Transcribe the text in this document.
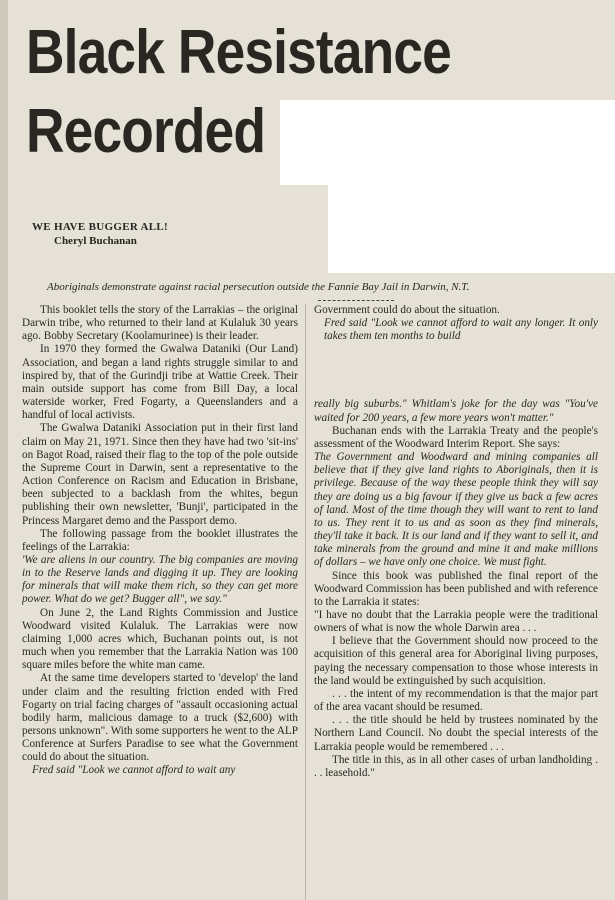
Black Resistance
Recorded
WE HAVE BUGGER ALL!
Cheryl Buchanan
Aboriginals demonstrate against racial persecution outside the Fannie Bay Jail in Darwin, N.T.

This booklet tells the story of the Larrakias – the original Darwin tribe, who returned to their land at Kulaluk 30 years ago. Bobby Secretary (Koolamurinee) is their leader.

In 1970 they formed the Gwalwa Dataniki (Our Land) Association, and began a land rights struggle similar to and inspired by, that of the Gurindji tribe at Wattie Creek. Their main outside support has come from Bill Day, a local waterside worker, Fred Fogarty, a Queenslanders and a handful of local activists.

The Gwalwa Dataniki Association put in their first land claim on May 21, 1971. Since then they have had two 'sit-ins' on Bagot Road, raised their flag to the top of the pole outside the Supreme Court in Darwin, sent a representative to the Action Conference on Racism and Education in Brisbane, been subjected to a backlash from the whites, begun publishing their own newsletter, 'Bunji', participated in the Princess Margaret demo and the Passport demo.

The following passage from the booklet illustrates the feelings of the Larrakia:

'We are aliens in our country. The big companies are moving in to the Reserve lands and digging it up. They are looking for minerals that will make them rich, so they can get more power. What do we get? Bugger all", we say."

On June 2, the Land Rights Commission and Justice Woodward visited Kulaluk. The Larrakias were now claiming 1,000 acres which, Buchanan points out, is not much when you remember that the Larrakia Nation was 100 square miles before the white man came.

At the same time developers started to 'develop' the land under claim and the resulting friction ended with Fred Fogarty on trial facing charges of "assault occasioning actual bodily harm, malicious damage to a truck ($2,600) with persons unknown". With some supporters he went to the ALP Conference at Surfers Paradise to see what the Government could do about the situation.

Fred said "Look we cannot afford to wait any

Government could do about the situation.

Fred said "Look we cannot afford to wait any longer. It only takes them ten months to build

really big suburbs." Whitlam's joke for the day was "You've waited for 200 years, a few more years won't matter."

Buchanan ends with the Larrakia Treaty and the people's assessment of the Woodward Interim Report. She says:

The Government and Woodward and mining companies all believe that if they give land rights to Aboriginals, then it is privilege. Because of the way these people think they will say they are doing us a big favour if they give us back a few acres of land. Most of the time though they will want to rent to land to us. They rent it to us and as soon as they find minerals, they'll take it back. It is our land and if they want to sell it, and take minerals from the ground and mine it and make millions of dollars – we have only one choice. We must fight.

Since this book was published the final report of the Woodward Commission has been published and with reference to the Larrakia it states:

"I have no doubt that the Larrakia people were the traditional owners of what is now the whole Darwin area . . .

I believe that the Government should now proceed to the acquisition of this general area for Aboriginal living purposes, paying the necessary compensation to those whose interests in the land would be extinguished by such acquisition.

. . . the intent of my recommendation is that the major part of the area vacant should be resumed.

. . . the title should be held by trustees nominated by the Northern Land Council. No doubt the special interests of the Larrakia people would be remembered . . .

The title in this, as in all other cases of urban landholding . . . leasehold."
